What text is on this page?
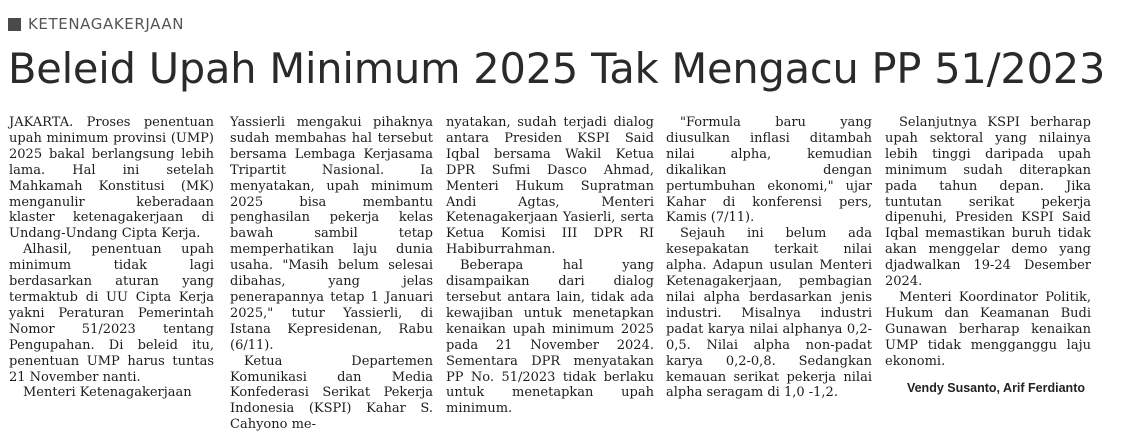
KETENAGAKERJAAN
Beleid Upah Minimum 2025 Tak Mengacu PP 51/2023

JAKARTA. Proses penentuan upah minimum provinsi (UMP) 2025 bakal berlangsung lebih lama. Hal ini setelah Mahkamah Konstitusi (MK) menganulir keberadaan klaster ketenagakerjaan di Undang-Undang Cipta Kerja.

Alhasil, penentuan upah minimum tidak lagi berdasarkan aturan yang termaktub di UU Cipta Kerja yakni Peraturan Pemerintah Nomor 51/2023 tentang Pengupahan. Di beleid itu, penentuan UMP harus tuntas 21 November nanti.

Menteri Ketenagakerjaan

Yassierli mengakui pihaknya sudah membahas hal tersebut bersama Lembaga Kerjasama Tripartit Nasional. Ia menyatakan, upah minimum 2025 bisa membantu penghasilan pekerja kelas bawah sambil tetap memperhatikan laju dunia usaha. "Masih belum selesai dibahas, yang jelas penerapannya tetap 1 Januari 2025," tutur Yassierli, di Istana Kepresidenan, Rabu (6/11).

Ketua Departemen Komunikasi dan Media Konfederasi Serikat Pekerja Indonesia (KSPI) Kahar S. Cahyono me-

nyatakan, sudah terjadi dialog antara Presiden KSPI Said Iqbal bersama Wakil Ketua DPR Sufmi Dasco Ahmad, Menteri Hukum Supratman Andi Agtas, Menteri Ketenagakerjaan Yasierli, serta Ketua Komisi III DPR RI Habiburrahman.

Beberapa hal yang disampaikan dari dialog tersebut antara lain, tidak ada kewajiban untuk menetapkan kenaikan upah minimum 2025 pada 21 November 2024. Sementara DPR menyatakan PP No. 51/2023 tidak berlaku untuk menetapkan upah minimum.

"Formula baru yang diusulkan inflasi ditambah nilai alpha, kemudian dikalikan dengan pertumbuhan ekonomi," ujar Kahar di konferensi pers, Kamis (7/11).

Sejauh ini belum ada kesepakatan terkait nilai alpha. Adapun usulan Menteri Ketenagakerjaan, pembagian nilai alpha berdasarkan jenis industri. Misalnya industri padat karya nilai alphanya 0,2-0,5. Nilai alpha non-padat karya 0,2-0,8. Sedangkan kemauan serikat pekerja nilai alpha seragam di 1,0 -1,2.

Selanjutnya KSPI berharap upah sektoral yang nilainya lebih tinggi daripada upah minimum sudah diterapkan pada tahun depan. Jika tuntutan serikat pekerja dipenuhi, Presiden KSPI Said Iqbal memastikan buruh tidak akan menggelar demo yang djadwalkan 19-24 Desember 2024.

Menteri Koordinator Politik, Hukum dan Keamanan Budi Gunawan berharap kenaikan UMP tidak mengganggu laju ekonomi.

Vendy Susanto, Arif Ferdianto
